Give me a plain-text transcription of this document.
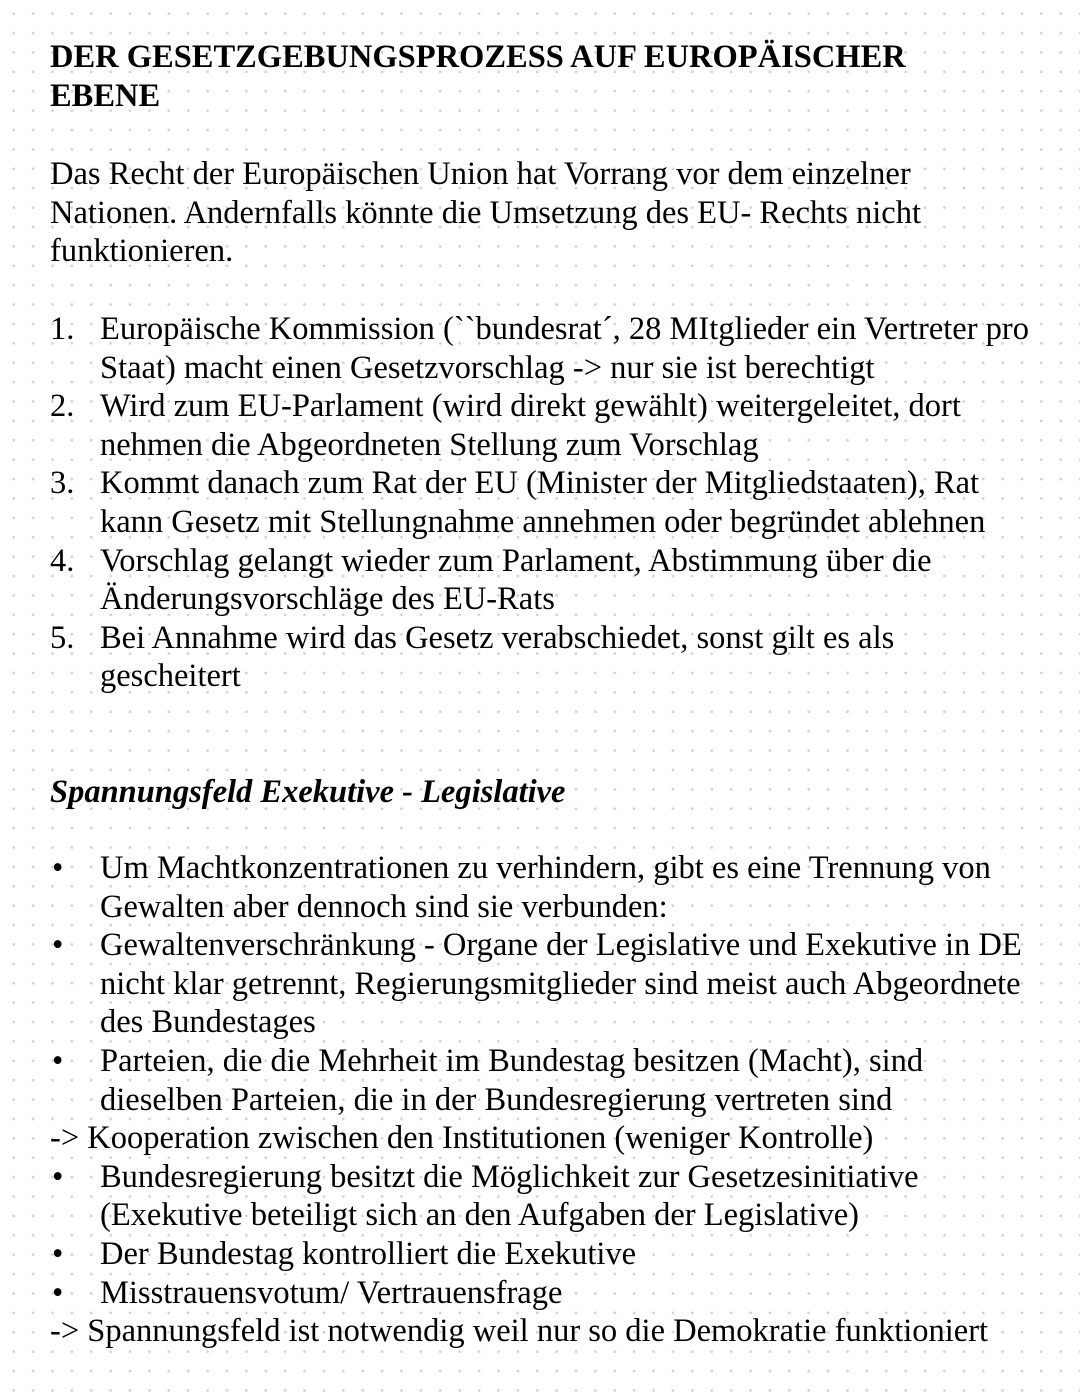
DER GESETZGEBUNGSPROZESS AUF EUROPÄISCHER
EBENE

Das Recht der Europäischen Union hat Vorrang vor dem einzelner Nationen. Andernfalls könnte die Umsetzung des EU- Rechts nicht funktionieren.

1. Europäische Kommission (``bundesrat´, 28 MItglieder ein Vertreter pro Staat) macht einen Gesetzvorschlag -> nur sie ist berechtigt
2. Wird zum EU-Parlament (wird direkt gewählt) weitergeleitet, dort nehmen die Abgeordneten Stellung zum Vorschlag
3. Kommt danach zum Rat der EU (Minister der Mitgliedstaaten), Rat kann Gesetz mit Stellungnahme annehmen oder begründet ablehnen
4. Vorschlag gelangt wieder zum Parlament, Abstimmung über die Änderungsvorschläge des EU-Rats
5. Bei Annahme wird das Gesetz verabschiedet, sonst gilt es als gescheitert
Spannungsfeld Exekutive - Legislative
• Um Machtkonzentrationen zu verhindern, gibt es eine Trennung von Gewalten aber dennoch sind sie verbunden:
• Gewaltenverschränkung - Organe der Legislative und Exekutive in DE nicht klar getrennt, Regierungsmitglieder sind meist auch Abgeordnete des Bundestages
• Parteien, die die Mehrheit im Bundestag besitzen (Macht), sind dieselben Parteien, die in der Bundesregierung vertreten sind
-> Kooperation zwischen den Institutionen (weniger Kontrolle)
• Bundesregierung besitzt die Möglichkeit zur Gesetzesinitiative (Exekutive beteiligt sich an den Aufgaben der Legislative)
• Der Bundestag kontrolliert die Exekutive
• Misstrauensvotum/ Vertrauensfrage
-> Spannungsfeld ist notwendig weil nur so die Demokratie funktioniert
